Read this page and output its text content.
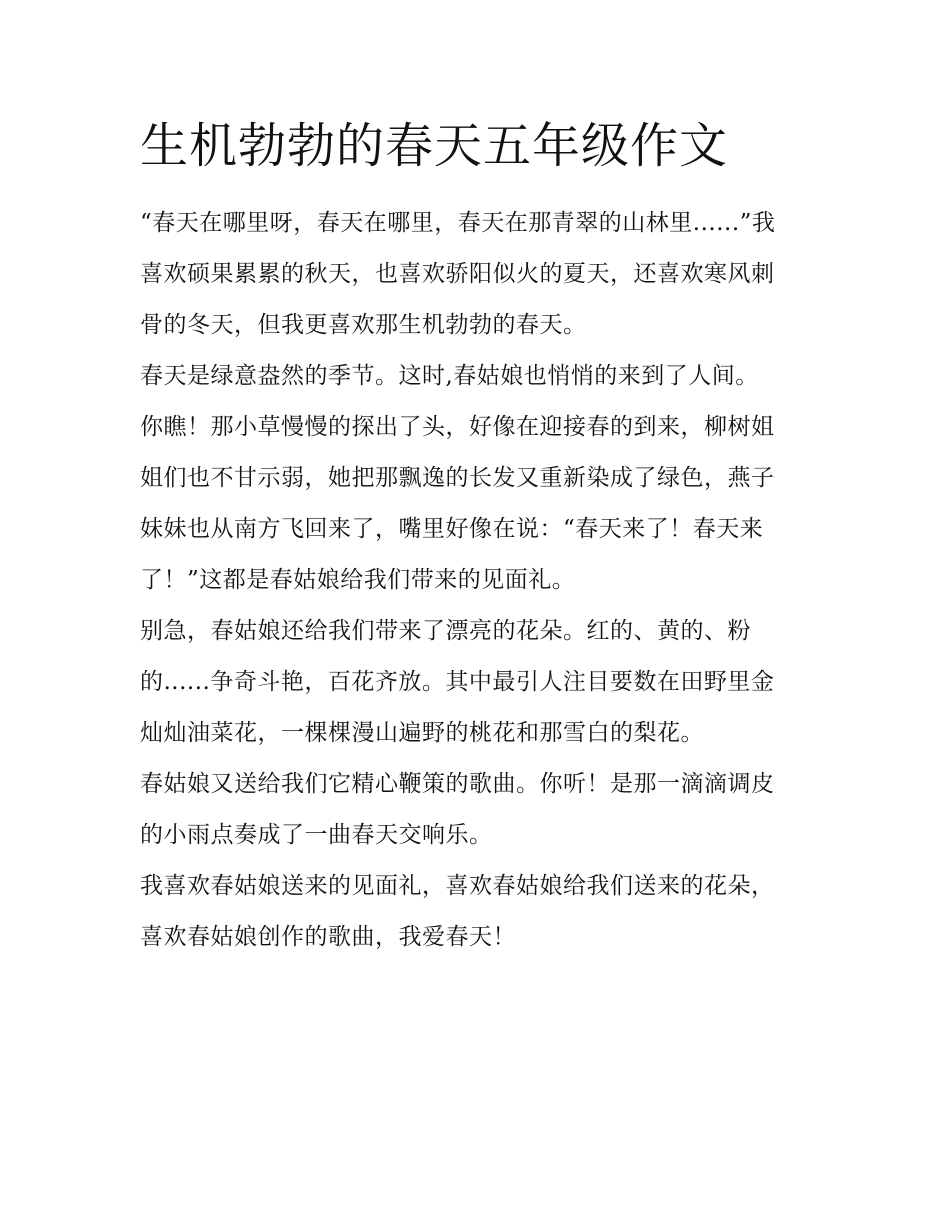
生机勃勃的春天五年级作文
“春天在哪里呀，春天在哪里，春天在那青翠的山林里......”我
喜欢硕果累累的秋天，也喜欢骄阳似火的夏天，还喜欢寒风刺
骨的冬天，但我更喜欢那生机勃勃的春天。
春天是绿意盎然的季节。这时,春姑娘也悄悄的来到了人间。
你瞧！那小草慢慢的探出了头，好像在迎接春的到来，柳树姐
姐们也不甘示弱，她把那飘逸的长发又重新染成了绿色，燕子
妹妹也从南方飞回来了，嘴里好像在说：“春天来了！春天来
了！”这都是春姑娘给我们带来的见面礼。
别急，春姑娘还给我们带来了漂亮的花朵。红的、黄的、粉
的......争奇斗艳，百花齐放。其中最引人注目要数在田野里金
灿灿油菜花，一棵棵漫山遍野的桃花和那雪白的梨花。
春姑娘又送给我们它精心鞭策的歌曲。你听！是那一滴滴调皮
的小雨点奏成了一曲春天交响乐。
我喜欢春姑娘送来的见面礼，喜欢春姑娘给我们送来的花朵，
喜欢春姑娘创作的歌曲，我爱春天！
